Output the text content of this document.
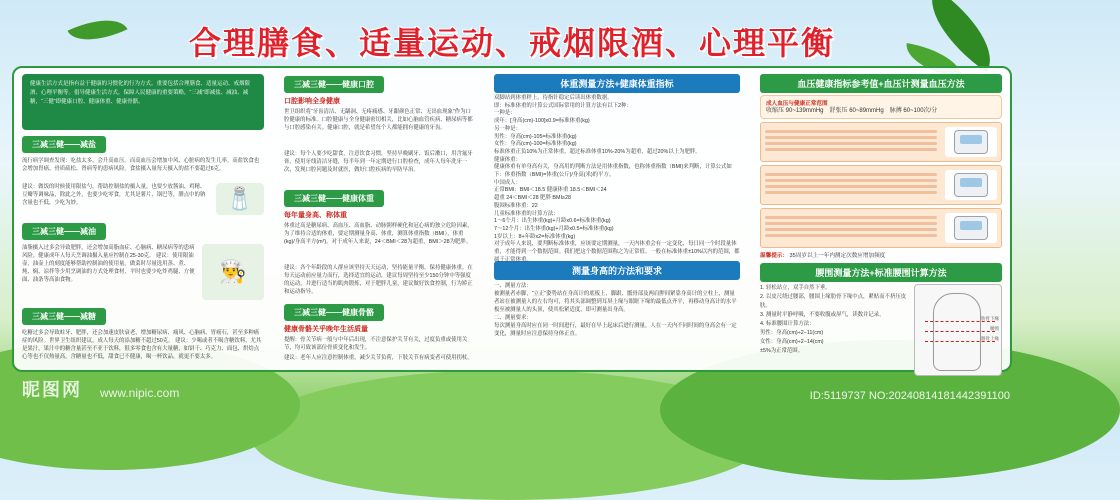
合理膳食、适量运动、戒烟限酒、心理平衡
健康生活方式是指有益于健康的习惯化的行为方式。重要包括合理膳食、适量运动、戒烟限酒、心理平衡等。倡导健康生活方式，保障人民健康的重要策略，“三减”即减盐、减油、减糖，“三健”即健康口腔、健康体重、健康骨骼。
三减三健——减盐
流行病学调查发现：吃盐太多，会升高血压。而高血压会增加中风、心脏病的发生几率。高盐饮食也会增加胃癌、骨质疏松、肾病等的患病风险。食盐摄入量每天摄入的盐不要超过6克。
建议：做饭的时候使用限盐勺，帮助控制盐的摄入量，也要少放酱油、鸡精、豆瓣等调味品，除此之外，也要少吃零食，尤其是薯片、锅巴等，腊点中的钠含量也不低，少吃为妙。	🧂
三减三健——减油
油脂摄入过多会导致肥胖，还会增加高脂血症、心脑病、糖尿病等的患病风险。健康成年人每天烹调油摄入量应控制在25-30克。 建议：使用限油壶，油壶上的刻度能够帮助控制油的使用量。做菜时尽量选用蒸、煮、炖、焖、凉拌等少用烹调油的方式处理食材，平时也要少吃炸鸡腿、方便面、油条等高油食物。	👨‍🍳
三减三健——减糖
吃糖过多会导致蛀牙、肥胖，还会加速皮肤衰老，增加糖尿病、痛风、心脑病、胃癌石，甚至多种癌症的风险。世界卫生组织建议，成人每天的添加糖不超过50克。 建议：少喝或者不喝含糖饮料，尤其是果汁，果汁中的糖含量甚至不亚于饮料，很多零食也含有大量糖，如饼干、巧克力、面包、烘焙点心等也不仅热量高，含糖量也不低，甜食已不健康，喝一杯饮品，就更不要太多。
三减三健——健康口腔
口腔影响全身健康
世卫组织将“牙齿清洁、无龋洞、无疼痛感、牙龈颜色正常、无出血现象”作为口腔健康的标准。口腔健康与全身健康密切相关，比如心脑血管疾病、糖尿病等都与口腔感染有关。健康口腔，就是希望每个人都能拥有健康的牙齿。
建议：每个人要少吃甜食，注意饮食习惯，坚持早晚刷牙、饭后漱口，用含氟牙膏，使用牙线清洁牙缝，每半年到一年定期进行口腔检查，成年人每年洗牙一次，发现口腔问题及时就医，做好口腔疾病的早防早治。
三减三健——健康体重
每年量身高、称体重
体重过高是糖尿病、高血压、高血脂、动脉粥样硬化和冠心病的独立危险因素，为了维持合适的体重，要定期测量身高、体重，测算体重指数（BMI），体重(kg)/身高平方(m²)。对于成年人来说，24＜BMI＜28为超重，BMI＞28为肥胖。
建议：各个年龄段的人群应该坚持天天运动，坚持能量平衡，保持健康体重。在每天运动前应量力而行，选择适宜的运动，建议每周坚持至少150分钟中等强度的运动，并进行适当的肌肉锻炼，对于肥胖儿童，建议做好饮食控制，行为矫正和运动指导。
三减三健——健康骨骼
健康骨骼关乎晚年生活质量
提醒：骨关节病一般与中年后出现，不注意保护关节有关，过度负重或使用关节，均可致该部位骨质变化和发生。
建议：老年人应注意控制体重，减少关节负荷，下肢关节有病变者可使用拐杖。
体重测量方法+健康体重指标
双脚站到体重秤上，待指针稳定后读出体重数据。
即：标准体重的计算公式国际常用的计算方法有以下2种：
一种是：
成年：[身高(cm)-100]x0.9=标准体重(kg)
另一种是：
男性：身高(cm)-105=标准体重(kg)
女性：身高(cm)-100=标准体重(kg)
标准体重正负10%为正常体重，超过标准体重10%-20%为超重，超过20%以上为肥胖。
健康体重：
健康体重有单身高有关，身高用的判断方法是用体重指数，也称体重指数（BMI)来判断，计算公式如下：体重指数（BMI)=体重(公斤)/身高(米)的平方。
中国成人：
正常BMI：BMI＜18.5 健康体重 18.5＜BMI＜24
超重 24＜BMI＜28 肥胖 BMI≥28
腹围标准体重：22
儿童标准体重的计算方法：
1～6个月：出生体重(kg)+月龄x0.6=标准体重(kg)
7～12个月：出生体重(kg)+月龄x0.5=标准体重(kg)
1岁以上：8+年龄x2=标准体重(kg)
对于成年人来说，要判断标准体重，应该要定期测量，一天内体重会有一定变化，每日同一个时段量体重，才能得到一个数据范围。我们把这个数据范围称之为正常值。一般在标准体重±10%以内的范围，都属于正常体重。
测量身高的方法和要求
一、测量方法：
被测量者赤脚，“立正”姿势站在身高计的底板上，脚跟、骶骨部及两肩胛间紧靠身高计的立柱上，测量者站在被测量人的左右均可，将其头部调整到耳屏上缘与眼眶下缘的最低点齐平，再移动身高计的水平板至被测量人的头顶，使其松紧适度，即可测量出身高。
二、测量要求：
每次测量身高时应在同一时间进行，最好在早上起床后进行测量，人在一天内不同时间的身高会有一定变化，测量时应注意保持身体正直。
血压健康指标参考值+血压计测量血压方法
成人血压与健康正常范围
收缩压 90~139mmHg　舒张压 60~89mmHg　脉搏 60~100次/分
温馨提示： 35周岁以上一年内测定次数应增加频度
腰围测量方法+标准腰围计算方法
1. 轻松站立，双手自然下垂。
2. 以皮尺绕过腰部，腰围上缘肋骨下缘中点，紧贴而不挤压皮肤。
3. 测量时平静呼吸，不要收腹或屏气，读数并记录。
4. 标准腰围计算方法：
男性：身高(cm)÷2−11(cm)
女性：身高(cm)÷2−14(cm)
±5%为正常范围。
肋骨下缘
腰围
髂骨上缘
昵图网 www.nipic.com	ID:5119737 NO:20240814181442391100
